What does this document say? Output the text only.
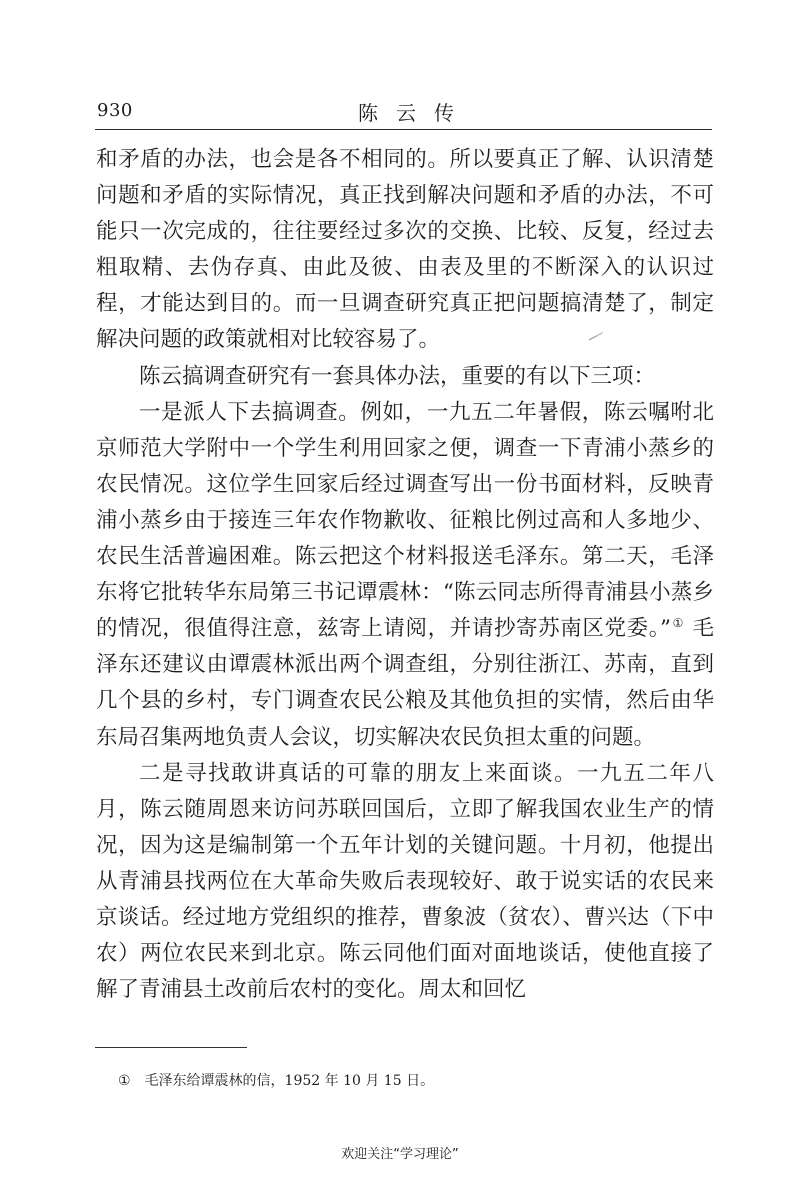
930	陈云传

和矛盾的办法，也会是各不相同的。所以要真正了解、认识清楚问题和矛盾的实际情况，真正找到解决问题和矛盾的办法，不可能只一次完成的，往往要经过多次的交换、比较、反复，经过去粗取精、去伪存真、由此及彼、由表及里的不断深入的认识过程，才能达到目的。而一旦调查研究真正把问题搞清楚了，制定解决问题的政策就相对比较容易了。

陈云搞调查研究有一套具体办法，重要的有以下三项：

一是派人下去搞调查。例如，一九五二年暑假，陈云嘱咐北京师范大学附中一个学生利用回家之便，调查一下青浦小蒸乡的农民情况。这位学生回家后经过调查写出一份书面材料，反映青浦小蒸乡由于接连三年农作物歉收、征粮比例过高和人多地少、农民生活普遍困难。陈云把这个材料报送毛泽东。第二天，毛泽东将它批转华东局第三书记谭震林：“陈云同志所得青浦县小蒸乡的情况，很值得注意，兹寄上请阅，并请抄寄苏南区党委。”① 毛泽东还建议由谭震林派出两个调查组，分别往浙江、苏南，直到几个县的乡村，专门调查农民公粮及其他负担的实情，然后由华东局召集两地负责人会议，切实解决农民负担太重的问题。

二是寻找敢讲真话的可靠的朋友上来面谈。一九五二年八月，陈云随周恩来访问苏联回国后，立即了解我国农业生产的情况，因为这是编制第一个五年计划的关键问题。十月初，他提出从青浦县找两位在大革命失败后表现较好、敢于说实话的农民来京谈话。经过地方党组织的推荐，曹象波（贫农）、曹兴达（下中农）两位农民来到北京。陈云同他们面对面地谈话，使他直接了解了青浦县土改前后农村的变化。周太和回忆

① 毛泽东给谭震林的信，1952 年 10 月 15 日。
欢迎关注“学习理论”
